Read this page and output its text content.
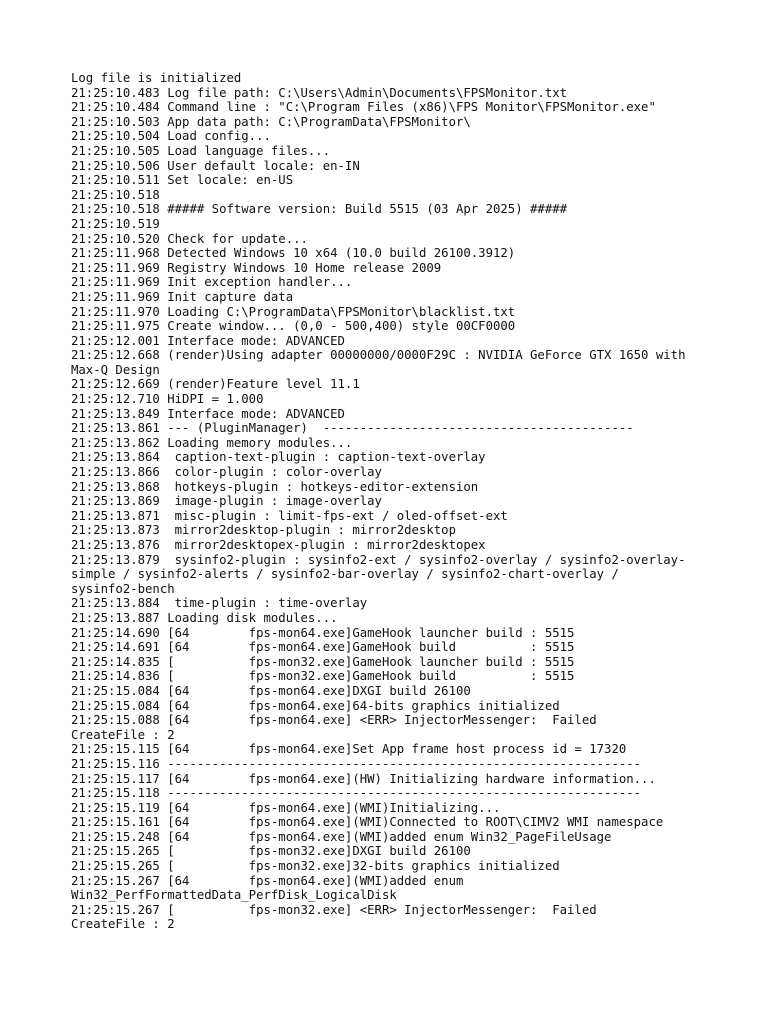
Log file is initialized
21:25:10.483 Log file path: C:\Users\Admin\Documents\FPSMonitor.txt
21:25:10.484 Command line : "C:\Program Files (x86)\FPS Monitor\FPSMonitor.exe"
21:25:10.503 App data path: C:\ProgramData\FPSMonitor\
21:25:10.504 Load config...
21:25:10.505 Load language files...
21:25:10.506 User default locale: en-IN
21:25:10.511 Set locale: en-US
21:25:10.518
21:25:10.518 ##### Software version: Build 5515 (03 Apr 2025) #####
21:25:10.519
21:25:10.520 Check for update...
21:25:11.968 Detected Windows 10 x64 (10.0 build 26100.3912)
21:25:11.969 Registry Windows 10 Home release 2009
21:25:11.969 Init exception handler...
21:25:11.969 Init capture data
21:25:11.970 Loading C:\ProgramData\FPSMonitor\blacklist.txt
21:25:11.975 Create window... (0,0 - 500,400) style 00CF0000
21:25:12.001 Interface mode: ADVANCED
21:25:12.668 (render)Using adapter 00000000/0000F29C : NVIDIA GeForce GTX 1650 with
Max-Q Design
21:25:12.669 (render)Feature level 11.1
21:25:12.710 HiDPI = 1.000
21:25:13.849 Interface mode: ADVANCED
21:25:13.861 --- (PluginManager)  ------------------------------------------
21:25:13.862 Loading memory modules...
21:25:13.864  caption-text-plugin : caption-text-overlay
21:25:13.866  color-plugin : color-overlay
21:25:13.868  hotkeys-plugin : hotkeys-editor-extension
21:25:13.869  image-plugin : image-overlay
21:25:13.871  misc-plugin : limit-fps-ext / oled-offset-ext
21:25:13.873  mirror2desktop-plugin : mirror2desktop
21:25:13.876  mirror2desktopex-plugin : mirror2desktopex
21:25:13.879  sysinfo2-plugin : sysinfo2-ext / sysinfo2-overlay / sysinfo2-overlay-
simple / sysinfo2-alerts / sysinfo2-bar-overlay / sysinfo2-chart-overlay /
sysinfo2-bench
21:25:13.884  time-plugin : time-overlay
21:25:13.887 Loading disk modules...
21:25:14.690 [64        fps-mon64.exe]GameHook launcher build : 5515
21:25:14.691 [64        fps-mon64.exe]GameHook build          : 5515
21:25:14.835 [          fps-mon32.exe]GameHook launcher build : 5515
21:25:14.836 [          fps-mon32.exe]GameHook build          : 5515
21:25:15.084 [64        fps-mon64.exe]DXGI build 26100
21:25:15.084 [64        fps-mon64.exe]64-bits graphics initialized
21:25:15.088 [64        fps-mon64.exe] <ERR> InjectorMessenger:  Failed
CreateFile : 2
21:25:15.115 [64        fps-mon64.exe]Set App frame host process id = 17320
21:25:15.116 ----------------------------------------------------------------
21:25:15.117 [64        fps-mon64.exe](HW) Initializing hardware information...
21:25:15.118 ----------------------------------------------------------------
21:25:15.119 [64        fps-mon64.exe](WMI)Initializing...
21:25:15.161 [64        fps-mon64.exe](WMI)Connected to ROOT\CIMV2 WMI namespace
21:25:15.248 [64        fps-mon64.exe](WMI)added enum Win32_PageFileUsage
21:25:15.265 [          fps-mon32.exe]DXGI build 26100
21:25:15.265 [          fps-mon32.exe]32-bits graphics initialized
21:25:15.267 [64        fps-mon64.exe](WMI)added enum
Win32_PerfFormattedData_PerfDisk_LogicalDisk
21:25:15.267 [          fps-mon32.exe] <ERR> InjectorMessenger:  Failed
CreateFile : 2
